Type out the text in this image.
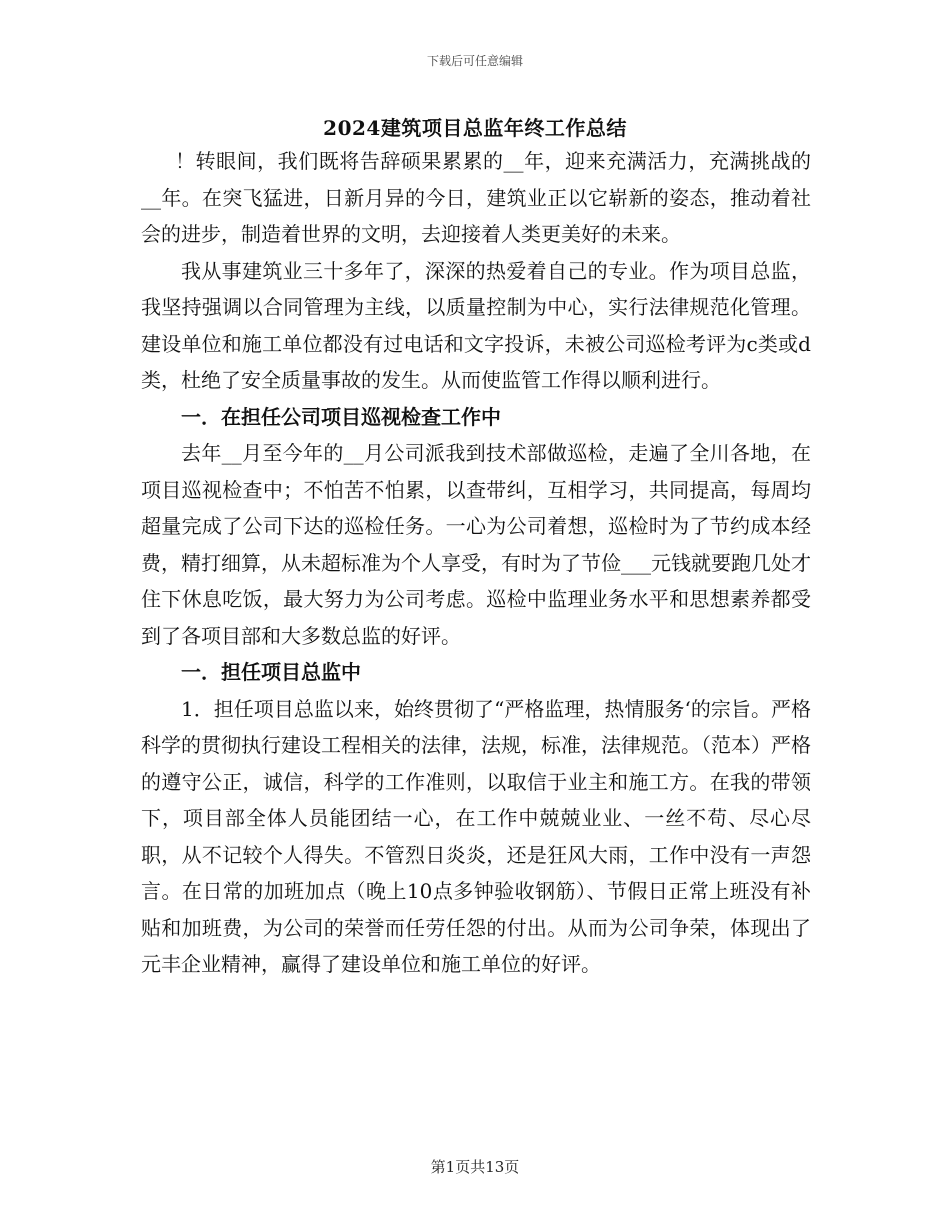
下载后可任意编辑
2024建筑项目总监年终工作总结

！转眼间，我们既将告辞硕果累累的__年，迎来充满活力，充满挑战的__年。在突飞猛进，日新月异的今日，建筑业正以它崭新的姿态，推动着社会的进步，制造着世界的文明，去迎接着人类更美好的未来。

我从事建筑业三十多年了，深深的热爱着自己的专业。作为项目总监，我坚持强调以合同管理为主线，以质量控制为中心，实行法律规范化管理。建设单位和施工单位都没有过电话和文字投诉，未被公司巡检考评为c类或d类，杜绝了安全质量事故的发生。从而使监管工作得以顺利进行。

一．在担任公司项目巡视检查工作中

去年__月至今年的__月公司派我到技术部做巡检，走遍了全川各地，在项目巡视检查中；不怕苦不怕累，以查带纠，互相学习，共同提高，每周均超量完成了公司下达的巡检任务。一心为公司着想，巡检时为了节约成本经费，精打细算，从未超标准为个人享受，有时为了节俭___元钱就要跑几处才住下休息吃饭，最大努力为公司考虑。巡检中监理业务水平和思想素养都受到了各项目部和大多数总监的好评。

一．担任项目总监中

1．担任项目总监以来，始终贯彻了“严格监理，热情服务‘的宗旨。严格科学的贯彻执行建设工程相关的法律，法规，标准，法律规范。（范本）严格的遵守公正，诚信，科学的工作准则，以取信于业主和施工方。在我的带领下，项目部全体人员能团结一心，在工作中兢兢业业、一丝不苟、尽心尽职，从不记较个人得失。不管烈日炎炎，还是狂风大雨，工作中没有一声怨言。在日常的加班加点（晚上10点多钟验收钢筋）、节假日正常上班没有补贴和加班费，为公司的荣誉而任劳任怨的付出。从而为公司争荣，体现出了元丰企业精神，赢得了建设单位和施工单位的好评。

第1页共13页
